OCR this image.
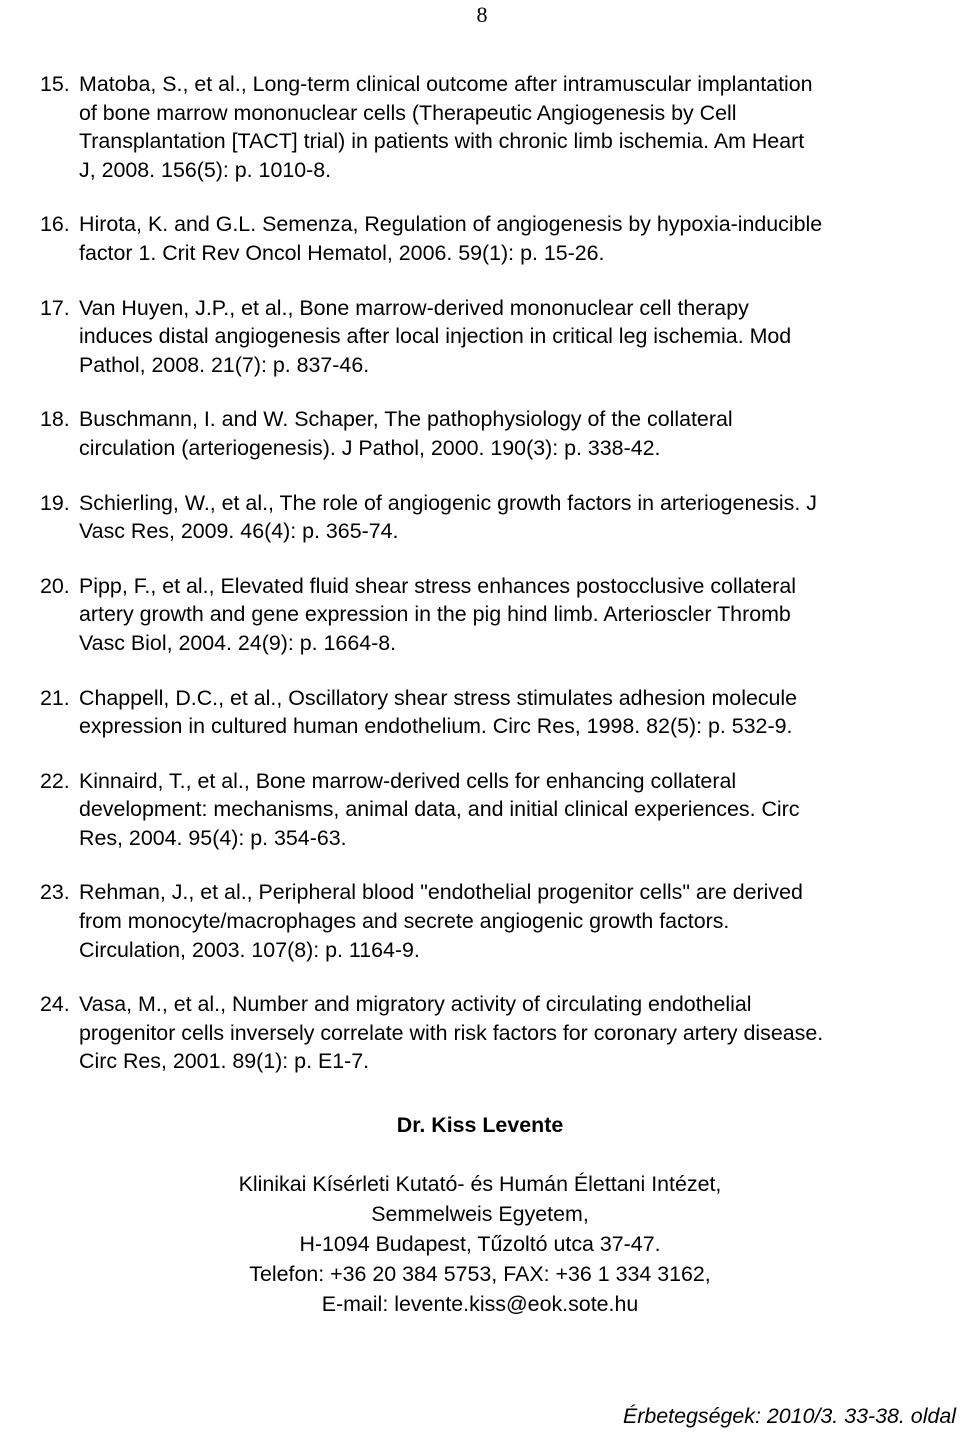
8
15. Matoba, S., et al., Long-term clinical outcome after intramuscular implantation
of bone marrow mononuclear cells (Therapeutic Angiogenesis by Cell
Transplantation [TACT] trial) in patients with chronic limb ischemia. Am Heart
J, 2008. 156(5): p. 1010-8.
16. Hirota, K. and G.L. Semenza, Regulation of angiogenesis by hypoxia-inducible
factor 1. Crit Rev Oncol Hematol, 2006. 59(1): p. 15-26.
17. Van Huyen, J.P., et al., Bone marrow-derived mononuclear cell therapy
induces distal angiogenesis after local injection in critical leg ischemia. Mod
Pathol, 2008. 21(7): p. 837-46.
18. Buschmann, I. and W. Schaper, The pathophysiology of the collateral
circulation (arteriogenesis). J Pathol, 2000. 190(3): p. 338-42.
19. Schierling, W., et al., The role of angiogenic growth factors in arteriogenesis. J
Vasc Res, 2009. 46(4): p. 365-74.
20. Pipp, F., et al., Elevated fluid shear stress enhances postocclusive collateral
artery growth and gene expression in the pig hind limb. Arterioscler Thromb
Vasc Biol, 2004. 24(9): p. 1664-8.
21. Chappell, D.C., et al., Oscillatory shear stress stimulates adhesion molecule
expression in cultured human endothelium. Circ Res, 1998. 82(5): p. 532-9.
22. Kinnaird, T., et al., Bone marrow-derived cells for enhancing collateral
development: mechanisms, animal data, and initial clinical experiences. Circ
Res, 2004. 95(4): p. 354-63.
23. Rehman, J., et al., Peripheral blood "endothelial progenitor cells" are derived
from monocyte/macrophages and secrete angiogenic growth factors.
Circulation, 2003. 107(8): p. 1164-9.
24. Vasa, M., et al., Number and migratory activity of circulating endothelial
progenitor cells inversely correlate with risk factors for coronary artery disease.
Circ Res, 2001. 89(1): p. E1-7.
Dr. Kiss Levente
Klinikai Kísérleti Kutató- és Humán Élettani Intézet,
Semmelweis Egyetem,
H-1094 Budapest, Tűzoltó utca 37-47.
Telefon: +36 20 384 5753, FAX: +36 1 334 3162,
E-mail: levente.kiss@eok.sote.hu
Érbetegségek: 2010/3. 33-38. oldal
